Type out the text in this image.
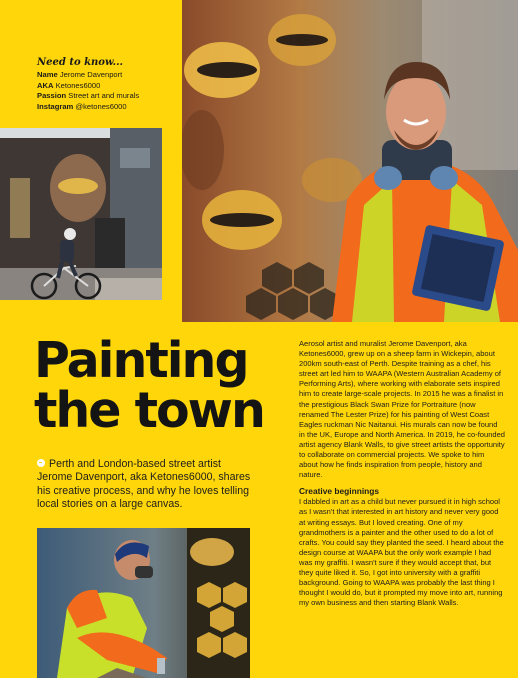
Need to know...
Name Jerome Davenport
AKA Ketones6000
Passion Street art and murals
Instagram @ketones6000
Painting
the town
Perth and London-based street artist Jerome Davenport, aka Ketones6000, shares his creative process, and why he loves telling local stories on a large canvas.

Aerosol artist and muralist Jerome Davenport, aka Ketones6000, grew up on a sheep farm in Wickepin, about 200km south-east of Perth. Despite training as a chef, his street art led him to WAAPA (Western Australian Academy of Performing Arts), where working with elaborate sets inspired him to create large-scale projects. In 2015 he was a finalist in the prestigious Black Swan Prize for Portraiture (now renamed The Lester Prize) for his painting of West Coast Eagles ruckman Nic Naitanui. His murals can now be found in the UK, Europe and North America. In 2019, he co-founded artist agency Blank Walls, to give street artists the opportunity to collaborate on commercial projects. We spoke to him about how he finds inspiration from people, history and nature.

Creative beginnings

I dabbled in art as a child but never pursued it in high school as I wasn't that interested in art history and never very good at writing essays. But I loved creating. One of my grandmothers is a painter and the other used to do a lot of crafts. You could say they planted the seed. I heard about the design course at WAAPA but the only work example I had was my graffiti. I wasn't sure if they would accept that, but they quite liked it. So, I got into university with a graffiti background. Going to WAAPA was probably the last thing I thought I would do, but it prompted my move into art, running my own business and then starting Blank Walls.
